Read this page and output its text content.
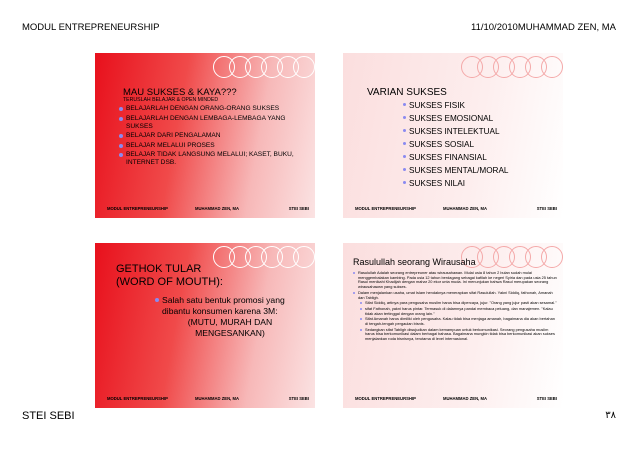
MODUL ENTREPRENEURSHIP	11/10/2010MUHAMMAD ZEN, MA
MAU SUKSES & KAYA???
TERUSLAH BELAJAR & OPEN MINDED
BELAJARLAH DENGAN ORANG-ORANG SUKSES
BELAJARLAH DENGAN LEMBAGA-LEMBAGA YANG SUKSES
BELAJAR DARI PENGALAMAN
BELAJAR MELALUI PROSES
BELAJAR TIDAK LANGSUNG MELALUI; KASET, BUKU, INTERNET DSB.
MODUL ENTREPRENEURSHIP	MUHAMMAD ZEN, MA	STEI SEBI
VARIAN SUKSES
SUKSES FISIK
SUKSES EMOSIONAL
SUKSES INTELEKTUAL
SUKSES SOSIAL
SUKSES FINANSIAL
SUKSES MENTAL/MORAL
SUKSES NILAI
MODUL ENTREPRENEURSHIP	MUHAMMAD ZEN, MA	STEI SEBI
GETHOK TULAR
(WORD OF MOUTH):
Salah satu bentuk promosi yang dibantu konsumen karena 3M:
(MUTU, MURAH DAN MENGESANKAN)
MODUL ENTREPRENEURSHIP	MUHAMMAD ZEN, MA	STEI SEBI
Rasulullah seorang Wirausaha
Rasulullah Adalah seorang entrepreuner atau wirausahawan. Mulai usia 8 tahun 2 bulan sudah mulai menggembalakan kambing. Pada usia 12 tahun berdagang sebagai kafilah ke negeri Syiria dan pada usia 25 tahun Rasul menikahi Khadijah dengan mahar 20 ekor unta muda. Ini menunjukan bahwa Rasul merupakan seorang wirausahawan yang sukses.
Dalam menjalankan usaha, umat Islam hendaknya menerapkan sifat Rasulullah. Yakni Siddiq, fathonah, Amanah dan Tabligh.
Sifat Siddiq, artinya para pengusaha muslim harus bisa dipercaya, jujur. "Orang yang jujur pasti akan sesamal."
sifat Fathonah, yakni harus pintar. Termasuk di dalamnya pandai membaca peluang, dan manajemen. "Kalau tidak akan tertinggal dengan orang lain."
Sifat Amanah harus dimiliki oleh pengusaha. Kalau tidak bisa menjaga amanah, bagaimana dia akan bertahan di tengah-tengah pergaulan bisnis.
Sedangkan sifat Tabligh diwujudkan dalam kemampuan untuk berkomunikasi. Seorang pengusaha muslim harus bisa berkomunikasi dalam berbagai bahasa. Bagaimana mungkin tidak bisa berkomunikasi akan sukses menjalankan roda bisnisnya, terutama di level internasional.
MODUL ENTREPRENEURSHIP	MUHAMMAD ZEN, MA	STEI SEBI
STEI SEBI	٣٨
